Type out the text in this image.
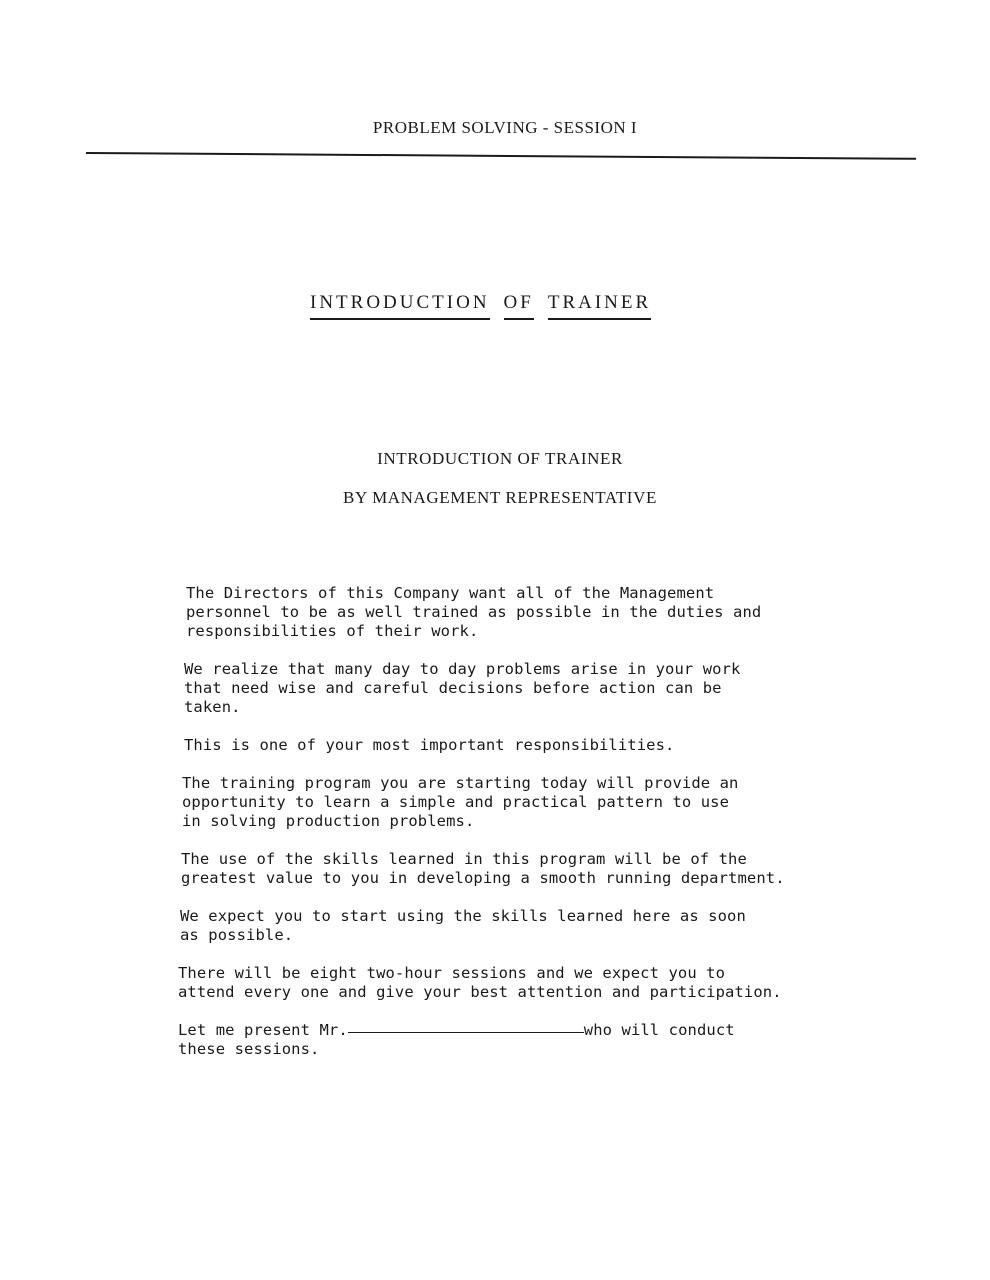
PROBLEM SOLVING - SESSION I
INTRODUCTION OF TRAINER
INTRODUCTION OF TRAINER
BY MANAGEMENT REPRESENTATIVE

The Directors of this Company want all of the Management
personnel to be as well trained as possible in the duties and
responsibilities of their work.

We realize that many day to day problems arise in your work
that need wise and careful decisions before action can be
taken.

This is one of your most important responsibilities.

The training program you are starting today will provide an
opportunity to learn a simple and practical pattern to use
in solving production problems.

The use of the skills learned in this program will be of the
greatest value to you in developing a smooth running department.

We expect you to start using the skills learned here as soon
as possible.

There will be eight two-hour sessions and we expect you to
attend every one and give your best attention and participation.

Let me present Mr.	who will conduct
these sessions.
